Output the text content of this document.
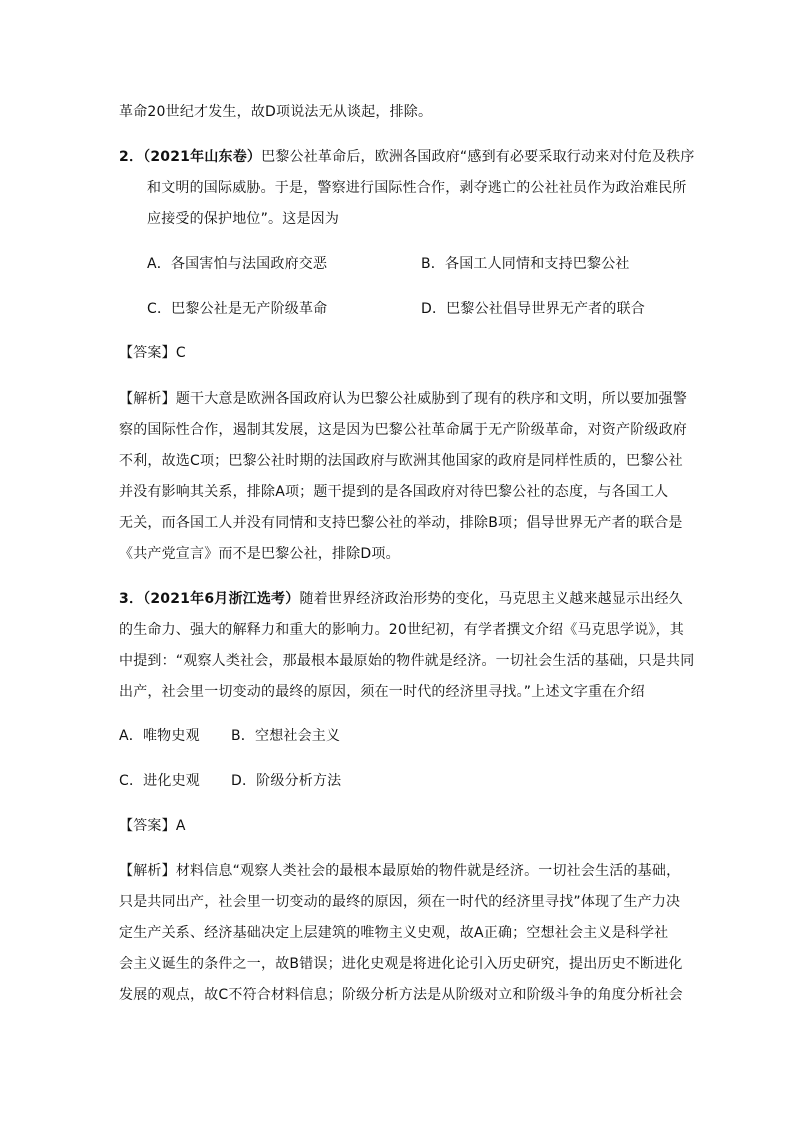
革命20世纪才发生，故D项说法无从谈起，排除。
2．（2021年山东卷）巴黎公社革命后，欧洲各国政府“感到有必要采取行动来对付危及秩序
和文明的国际威胁。于是，警察进行国际性合作，剥夺逃亡的公社社员作为政治难民所
应接受的保护地位”。这是因为
A．各国害怕与法国政府交恶	B．各国工人同情和支持巴黎公社
C．巴黎公社是无产阶级革命	D．巴黎公社倡导世界无产者的联合
【答案】C
【解析】题干大意是欧洲各国政府认为巴黎公社威胁到了现有的秩序和文明，所以要加强警
察的国际性合作，遏制其发展，这是因为巴黎公社革命属于无产阶级革命，对资产阶级政府
不利，故选C项；巴黎公社时期的法国政府与欧洲其他国家的政府是同样性质的，巴黎公社
并没有影响其关系，排除A项；题干提到的是各国政府对待巴黎公社的态度，与各国工人
无关，而各国工人并没有同情和支持巴黎公社的举动，排除B项；倡导世界无产者的联合是
《共产党宣言》而不是巴黎公社，排除D项。
3．（2021年6月浙江选考）随着世界经济政治形势的变化，马克思主义越来越显示出经久
的生命力、强大的解释力和重大的影响力。20世纪初，有学者撰文介绍《马克思学说》，其
中提到：“观察人类社会，那最根本最原始的物件就是经济。一切社会生活的基础，只是共同
出产，社会里一切变动的最终的原因，须在一时代的经济里寻找。”上述文字重在介绍
A．唯物史观 B．空想社会主义
C．进化史观 D．阶级分析方法
【答案】A
【解析】材料信息“观察人类社会的最根本最原始的物件就是经济。一切社会生活的基础，
只是共同出产，社会里一切变动的最终的原因，须在一时代的经济里寻找”体现了生产力决
定生产关系、经济基础决定上层建筑的唯物主义史观，故A正确；空想社会主义是科学社
会主义诞生的条件之一，故B错误；进化史观是将进化论引入历史研究，提出历史不断进化
发展的观点，故C不符合材料信息；阶级分析方法是从阶级对立和阶级斗争的角度分析社会
